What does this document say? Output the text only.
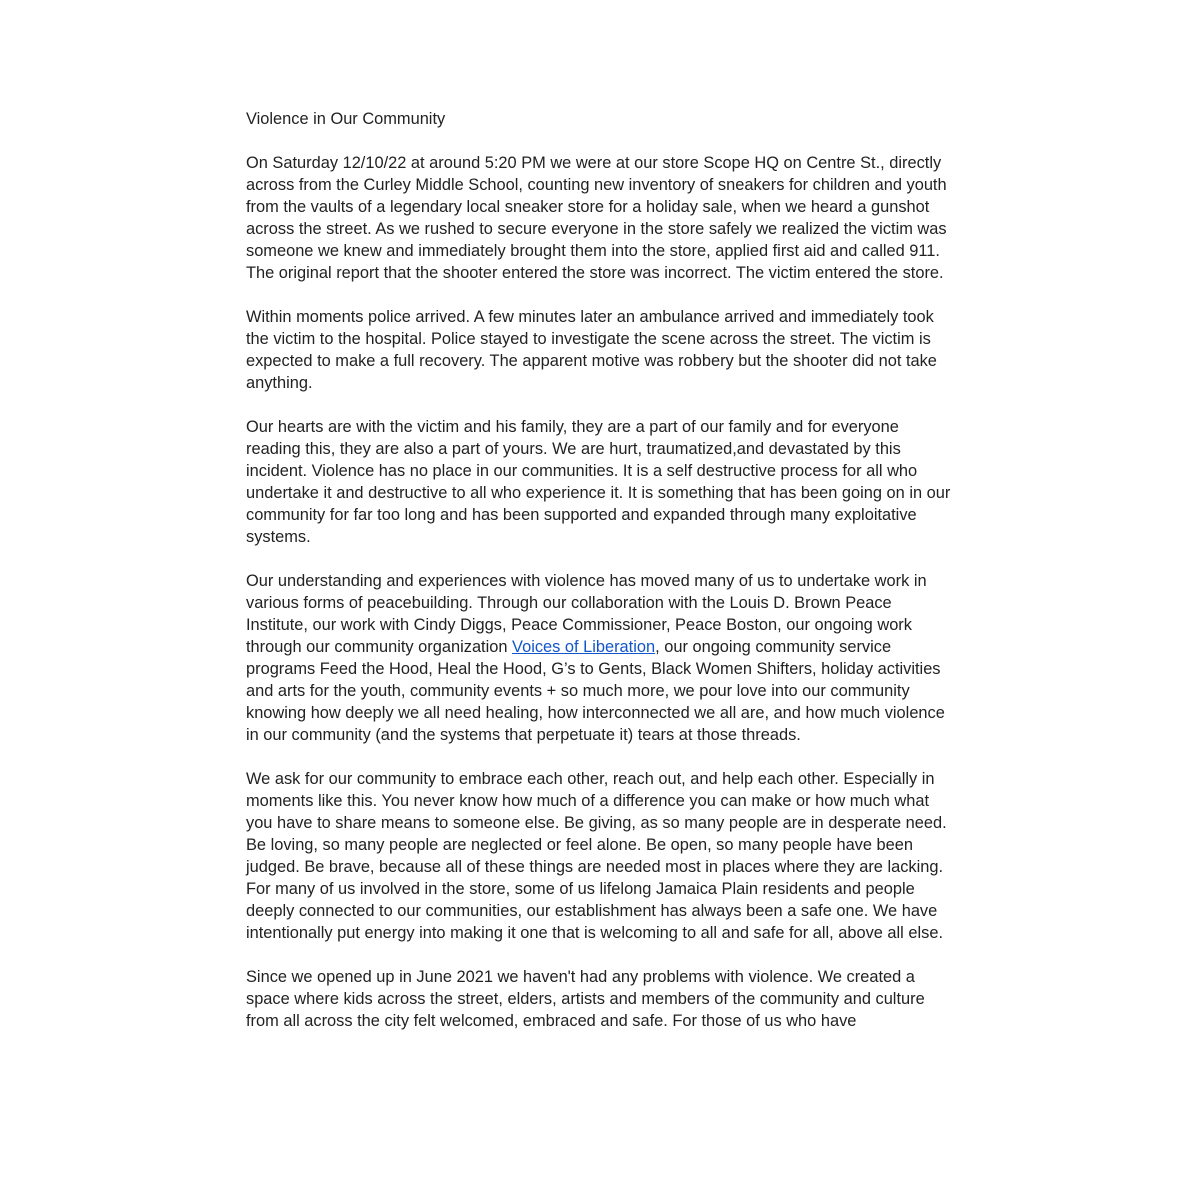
Violence in Our Community

On Saturday 12/10/22 at around 5:20 PM we were at our store Scope HQ on Centre St., directly across from the Curley Middle School, counting new inventory of sneakers for children and youth from the vaults of a legendary local sneaker store for a holiday sale, when we heard a gunshot across the street. As we rushed to secure everyone in the store safely we realized the victim was someone we knew and immediately brought them into the store, applied first aid and called 911. The original report that the shooter entered the store was incorrect. The victim entered the store.

Within moments police arrived. A few minutes later an ambulance arrived and immediately took the victim to the hospital. Police stayed to investigate the scene across the street. The victim is expected to make a full recovery. The apparent motive was robbery but the shooter did not take anything.

Our hearts are with the victim and his family, they are a part of our family and for everyone reading this, they are also a part of yours. We are hurt, traumatized,and devastated by this incident. Violence has no place in our communities. It is a self destructive process for all who undertake it and destructive to all who experience it. It is something that has been going on in our community for far too long and has been supported and expanded through many exploitative systems.

Our understanding and experiences with violence has moved many of us to undertake work in various forms of peacebuilding. Through our collaboration with the Louis D. Brown Peace Institute, our work with Cindy Diggs, Peace Commissioner, Peace Boston, our ongoing work through our community organization Voices of Liberation, our ongoing community service programs Feed the Hood, Heal the Hood, G’s to Gents, Black Women Shifters, holiday activities and arts for the youth, community events + so much more, we pour love into our community knowing how deeply we all need healing, how interconnected we all are, and how much violence in our community (and the systems that perpetuate it) tears at those threads.

We ask for our community to embrace each other, reach out, and help each other. Especially in moments like this. You never know how much of a difference you can make or how much what you have to share means to someone else. Be giving, as so many people are in desperate need. Be loving, so many people are neglected or feel alone. Be open, so many people have been judged. Be brave, because all of these things are needed most in places where they are lacking. For many of us involved in the store, some of us lifelong Jamaica Plain residents and people deeply connected to our communities, our establishment has always been a safe one. We have intentionally put energy into making it one that is welcoming to all and safe for all, above all else.

Since we opened up in June 2021 we haven't had any problems with violence. We created a space where kids across the street, elders, artists and members of the community and culture from all across the city felt welcomed, embraced and safe. For those of us who have
